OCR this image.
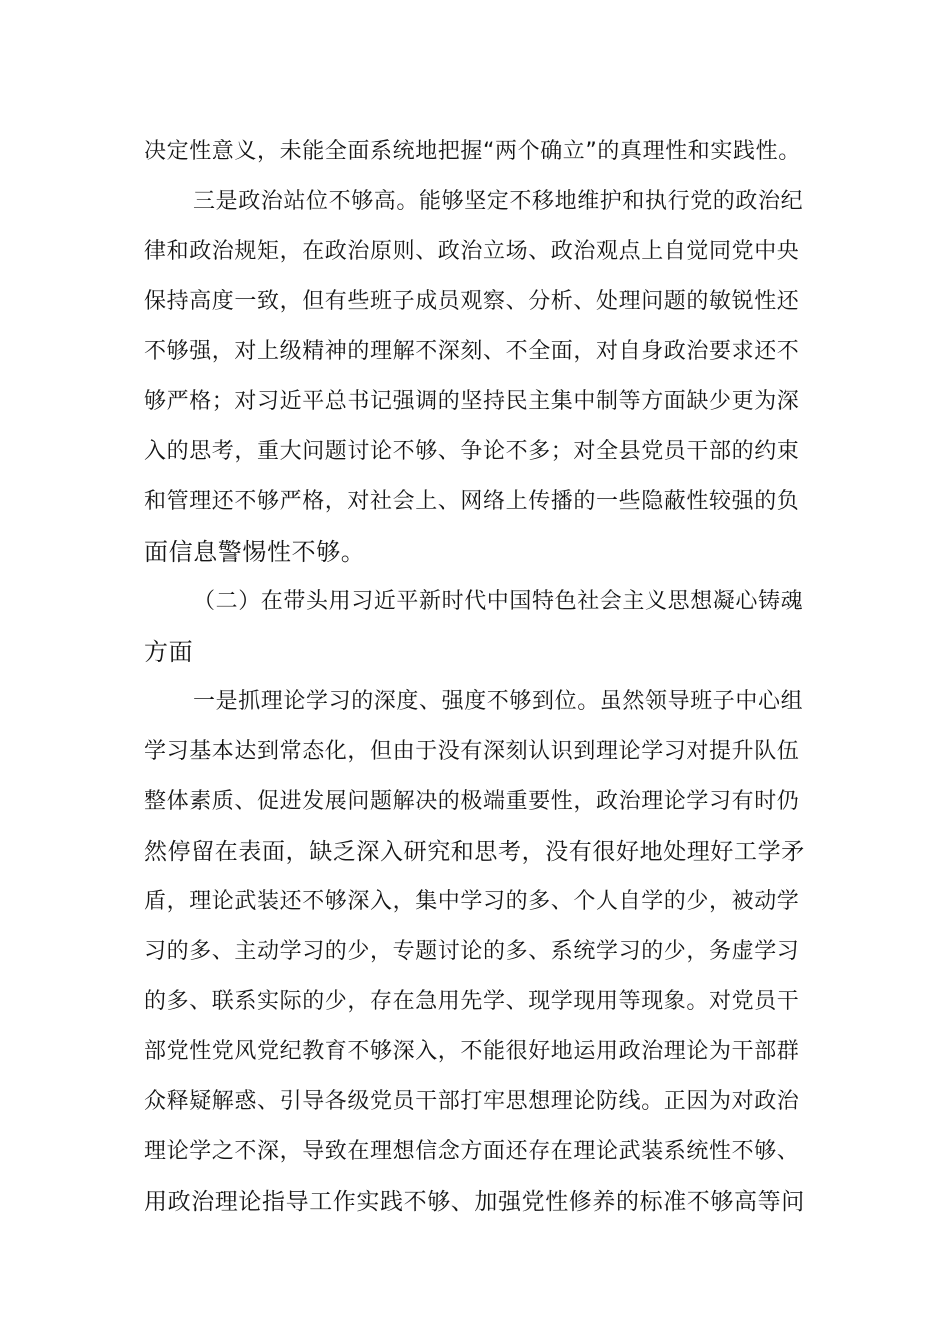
决定性意义，未能全面系统地把握“两个确立”的真理性和实践性。
三是政治站位不够高。能够坚定不移地维护和执行党的政治纪
律和政治规矩，在政治原则、政治立场、政治观点上自觉同党中央
保持高度一致，但有些班子成员观察、分析、处理问题的敏锐性还
不够强，对上级精神的理解不深刻、不全面，对自身政治要求还不
够严格；对习近平总书记强调的坚持民主集中制等方面缺少更为深
入的思考，重大问题讨论不够、争论不多；对全县党员干部的约束
和管理还不够严格，对社会上、网络上传播的一些隐蔽性较强的负
面信息警惕性不够。
（二）在带头用习近平新时代中国特色社会主义思想凝心铸魂
方面
一是抓理论学习的深度、强度不够到位。虽然领导班子中心组
学习基本达到常态化，但由于没有深刻认识到理论学习对提升队伍
整体素质、促进发展问题解决的极端重要性，政治理论学习有时仍
然停留在表面，缺乏深入研究和思考，没有很好地处理好工学矛
盾，理论武装还不够深入，集中学习的多、个人自学的少，被动学
习的多、主动学习的少，专题讨论的多、系统学习的少，务虚学习
的多、联系实际的少，存在急用先学、现学现用等现象。对党员干
部党性党风党纪教育不够深入，不能很好地运用政治理论为干部群
众释疑解惑、引导各级党员干部打牢思想理论防线。正因为对政治
理论学之不深，导致在理想信念方面还存在理论武装系统性不够、
用政治理论指导工作实践不够、加强党性修养的标准不够高等问
